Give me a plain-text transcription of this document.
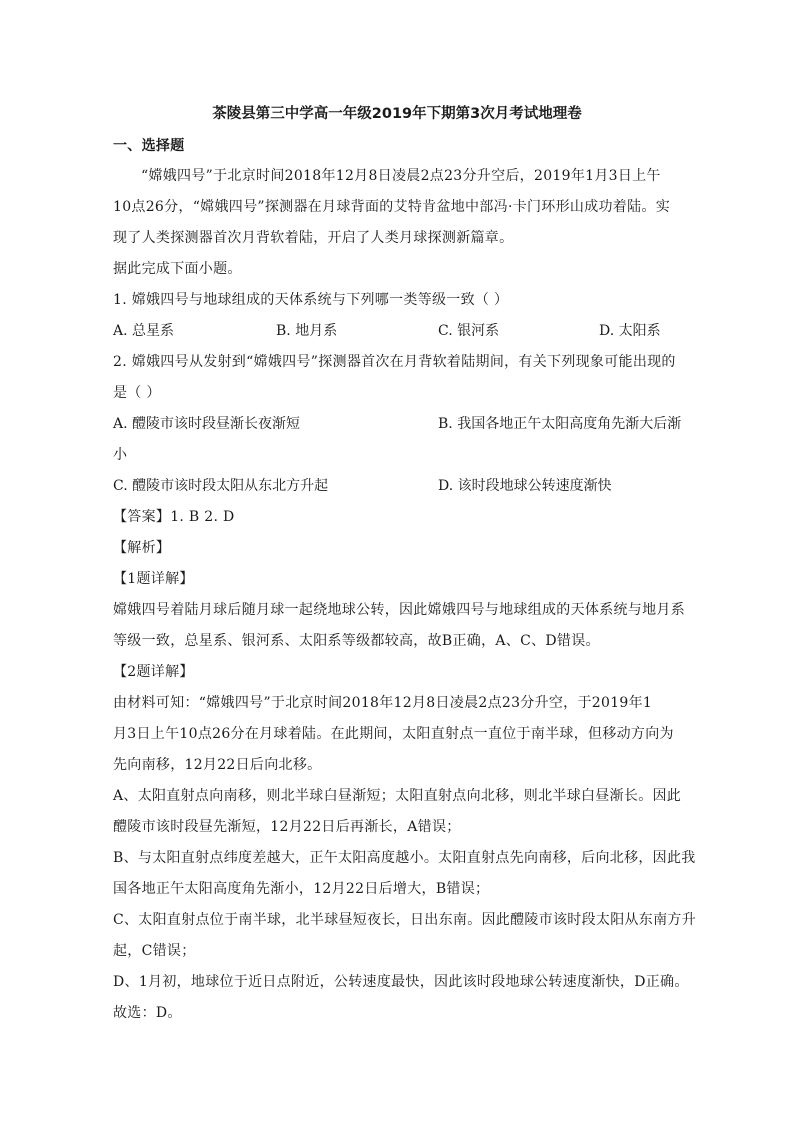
茶陵县第三中学高一年级2019年下期第3次月考试地理卷
一、选择题
“嫦娥四号”于北京时间2018年12月8日凌晨2点23分升空后，2019年1月3日上午
10点26分，“嫦娥四号”探测器在月球背面的艾特肯盆地中部冯·卡门环形山成功着陆。实
现了人类探测器首次月背软着陆，开启了人类月球探测新篇章。
据此完成下面小题。
1. 嫦娥四号与地球组成的天体系统与下列哪一类等级一致（ ）
A. 总星系	B. 地月系	C. 银河系	D. 太阳系
2. 嫦娥四号从发射到“嫦娥四号”探测器首次在月背软着陆期间，有关下列现象可能出现的
是（ ）
A. 醴陵市该时段昼渐长夜渐短	B. 我国各地正午太阳高度角先渐大后渐
小
C. 醴陵市该时段太阳从东北方升起	D. 该时段地球公转速度渐快
【答案】1. B 2. D
【解析】
【1题详解】
嫦娥四号着陆月球后随月球一起绕地球公转，因此嫦娥四号与地球组成的天体系统与地月系
等级一致，总星系、银河系、太阳系等级都较高，故B正确，A、C、D错误。
【2题详解】
由材料可知：“嫦娥四号”于北京时间2018年12月8日凌晨2点23分升空，于2019年1
月3日上午10点26分在月球着陆。在此期间，太阳直射点一直位于南半球，但移动方向为
先向南移，12月22日后向北移。
A、太阳直射点向南移，则北半球白昼渐短；太阳直射点向北移，则北半球白昼渐长。因此
醴陵市该时段昼先渐短，12月22日后再渐长，A错误；
B、与太阳直射点纬度差越大，正午太阳高度越小。太阳直射点先向南移，后向北移，因此我
国各地正午太阳高度角先渐小，12月22日后增大，B错误；
C、太阳直射点位于南半球，北半球昼短夜长，日出东南。因此醴陵市该时段太阳从东南方升
起，C错误；
D、1月初，地球位于近日点附近，公转速度最快，因此该时段地球公转速度渐快，D正确。
故选：D。
